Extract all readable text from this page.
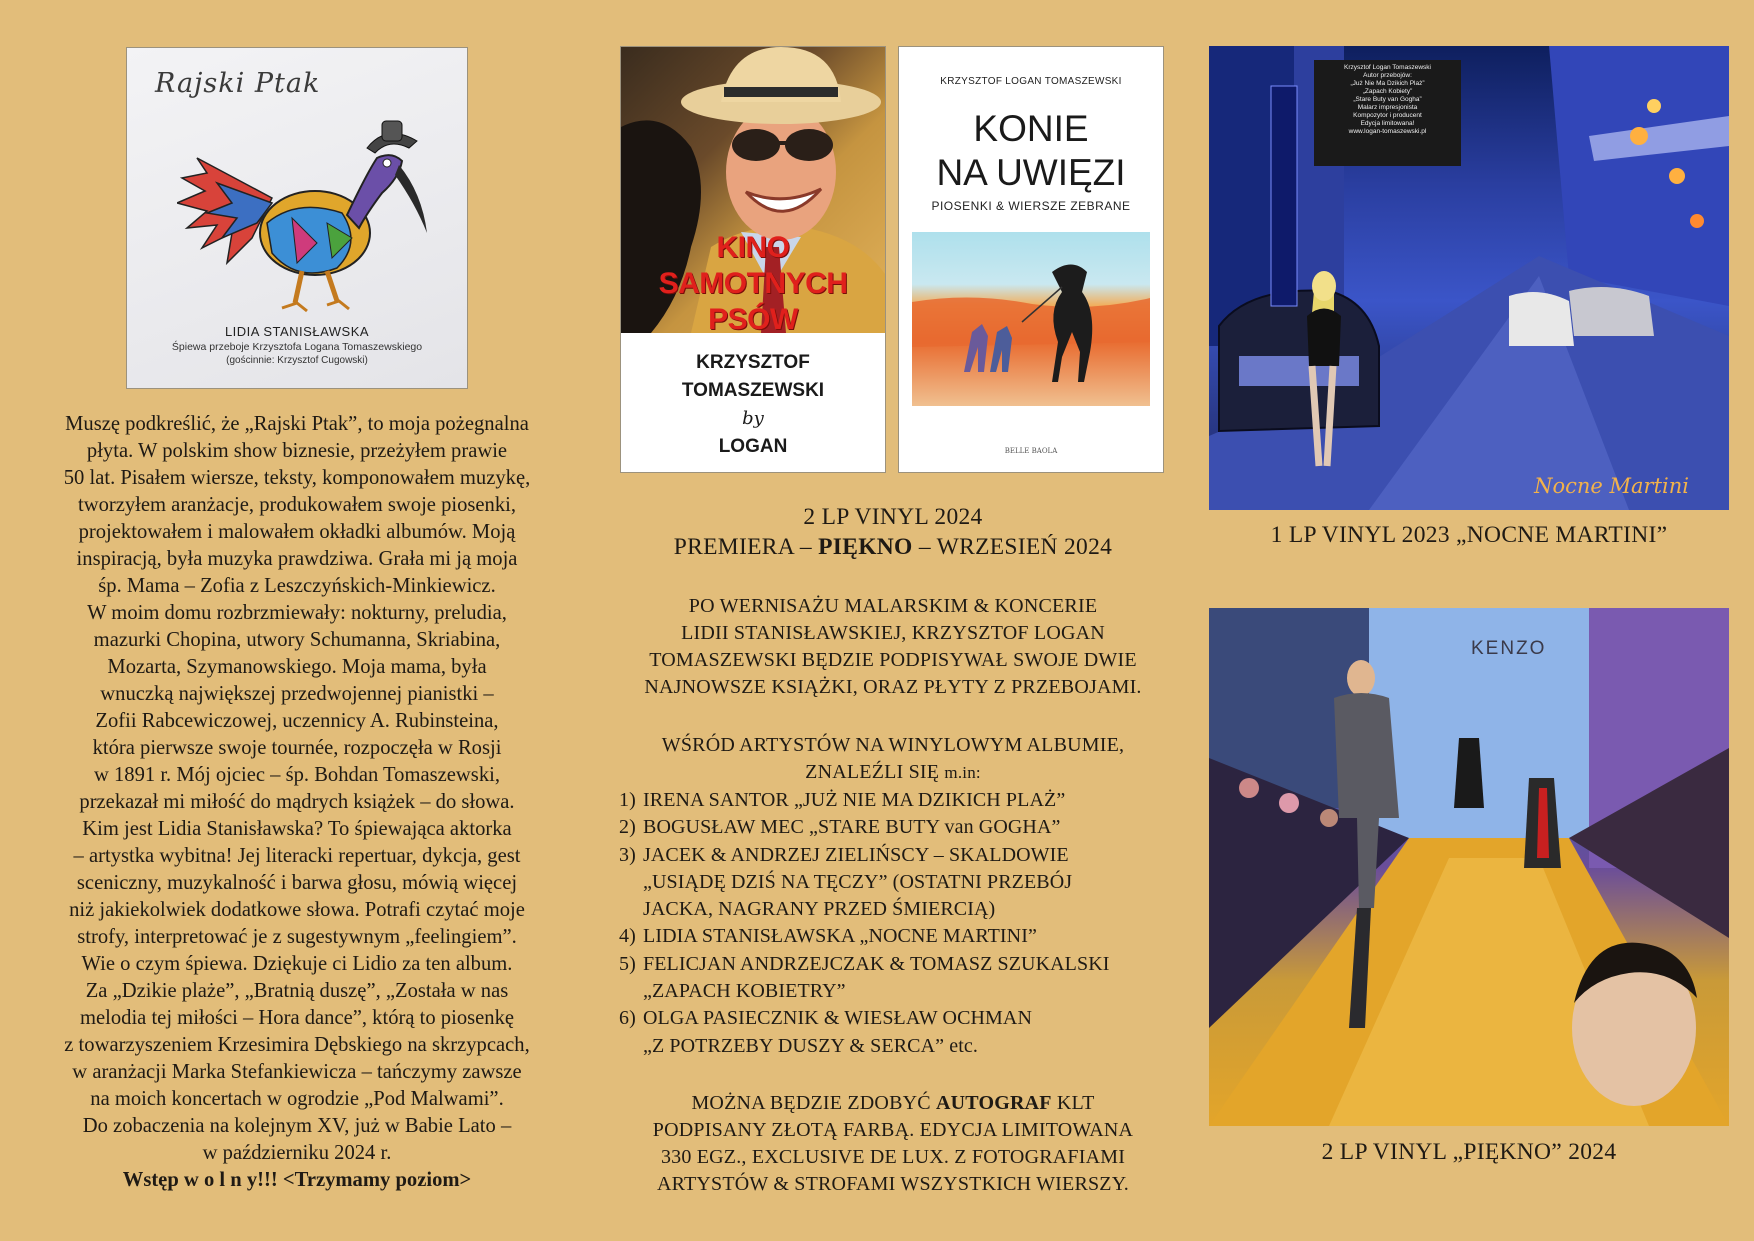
Rajski Ptak
LIDIA STANISŁAWSKA
Śpiewa przeboje Krzysztofa Logana Tomaszewskiego
(gościnnie: Krzysztof Cugowski)
Muszę podkreślić, że „Rajski Ptak”, to moja pożegnalna
płyta. W polskim show biznesie, przeżyłem prawie
50 lat. Pisałem wiersze, teksty, komponowałem muzykę,
tworzyłem aranżacje, produkowałem swoje piosenki,
projektowałem i malowałem okładki albumów. Moją
inspiracją, była muzyka prawdziwa. Grała mi ją moja
śp. Mama – Zofia z Leszczyńskich-Minkiewicz.
W moim domu rozbrzmiewały: nokturny, preludia,
mazurki Chopina, utwory Schumanna, Skriabina,
Mozarta, Szymanowskiego. Moja mama, była
wnuczką największej przedwojennej pianistki –
Zofii Rabcewiczowej, uczennicy A. Rubinsteina,
która pierwsze swoje tournée, rozpoczęła w Rosji
w 1891 r. Mój ojciec – śp. Bohdan Tomaszewski,
przekazał mi miłość do mądrych książek – do słowa.
Kim jest Lidia Stanisławska? To śpiewająca aktorka
– artystka wybitna! Jej literacki repertuar, dykcja, gest
sceniczny, muzykalność i barwa głosu, mówią więcej
niż jakiekolwiek dodatkowe słowa. Potrafi czytać moje
strofy, interpretować je z sugestywnym „feelingiem”.
Wie o czym śpiewa. Dziękuje ci Lidio za ten album.
Za „Dzikie plaże”, „Bratnią duszę”, „Została w nas
melodia tej miłości – Hora dance”, którą to piosenkę
z towarzyszeniem Krzesimira Dębskiego na skrzypcach,
w aranżacji Marka Stefankiewicza – tańczymy zawsze
na moich koncertach w ogrodzie „Pod Malwami”.
Do zobaczenia na kolejnym XV, już w Babie Lato –
w październiku 2024 r.
Wstęp w o l n y!!! <Trzymamy poziom>
KINO SAMOTNYCH
PSÓW
KRZYSZTOF
TOMASZEWSKI
by
LOGAN
KRZYSZTOF LOGAN TOMASZEWSKI
KONIE
NA UWIĘZI
PIOSENKI & WIERSZE ZEBRANE
BELLE BAOLA
2 LP VINYL 2024
PREMIERA – PIĘKNO – WRZESIEŃ 2024
PO WERNISAŻU MALARSKIM & KONCERIE
LIDII STANISŁAWSKIEJ, KRZYSZTOF LOGAN
TOMASZEWSKI BĘDZIE PODPISYWAŁ SWOJE DWIE
NAJNOWSZE KSIĄŻKI, ORAZ PŁYTY Z PRZEBOJAMI.
WŚRÓD ARTYSTÓW NA WINYLOWYM ALBUMIE,
ZNALEŹLI SIĘ m.in:
1) IRENA SANTOR „JUŻ NIE MA DZIKICH PLAŻ”
2) BOGUSŁAW MEC „STARE BUTY van GOGHA”
3) JACEK & ANDRZEJ ZIELIŃSCY – SKALDOWIE
„USIĄDĘ DZIŚ NA TĘCZY” (OSTATNI PRZEBÓJ
JACKA, NAGRANY PRZED ŚMIERCIĄ)
4) LIDIA STANISŁAWSKA „NOCNE MARTINI”
5) FELICJAN ANDRZEJCZAK & TOMASZ SZUKALSKI
„ZAPACH KOBIETRY”
6) OLGA PASIECZNIK & WIESŁAW OCHMAN
„Z POTRZEBY DUSZY & SERCA” etc.
MOŻNA BĘDZIE ZDOBYĆ AUTOGRAF KLT
PODPISANY ZŁOTĄ FARBĄ. EDYCJA LIMITOWANA
330 EGZ., EXCLUSIVE DE LUX. Z FOTOGRAFIAMI
ARTYSTÓW & STROFAMI WSZYSTKICH WIERSZY.
Krzysztof Logan Tomaszewski
Autor przebojów:
„Już Nie Ma Dzikich Plaż”
„Zapach Kobiety”
„Stare Buty van Gogha”
Malarz impresjonista
Kompozytor i producent
Edycja limitowana!
www.logan-tomaszewski.pl
Nocne Martini
1 LP VINYL 2023 „NOCNE MARTINI”
KENZO
2 LP VINYL „PIĘKNO” 2024
